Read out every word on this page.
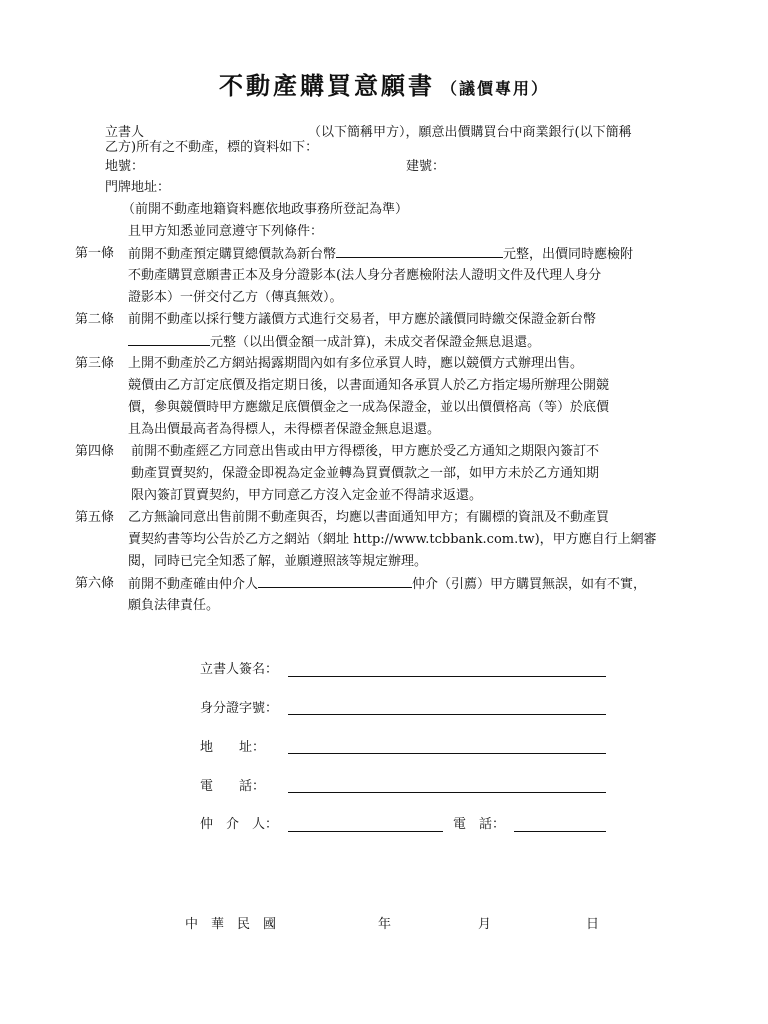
不動產購買意願書 （議價專用）
立書人	（以下簡稱甲方），願意出價購買台中商業銀行(以下簡稱
乙方)所有之不動產，標的資料如下：
地號：	建號：
門牌地址：
（前開不動產地籍資料應依地政事務所登記為準）
且甲方知悉並同意遵守下列條件：
第一條 前開不動產預定購買總價款為新台幣	元整，出價同時應檢附
不動產購買意願書正本及身分證影本(法人身分者應檢附法人證明文件及代理人身分
證影本）一併交付乙方（傳真無效）。
第二條 前開不動產以採行雙方議價方式進行交易者，甲方應於議價同時繳交保證金新台幣
元整（以出價金額一成計算)，未成交者保證金無息退還。
第三條 上開不動產於乙方網站揭露期間內如有多位承買人時，應以競價方式辦理出售。
競價由乙方訂定底價及指定期日後，以書面通知各承買人於乙方指定場所辦理公開競
價，參與競價時甲方應繳足底價價金之一成為保證金，並以出價價格高（等）於底價
且為出價最高者為得標人，未得標者保證金無息退還。
第四條 前開不動產經乙方同意出售或由甲方得標後，甲方應於受乙方通知之期限內簽訂不
動產買賣契約，保證金即視為定金並轉為買賣價款之一部，如甲方未於乙方通知期
限內簽訂買賣契約，甲方同意乙方沒入定金並不得請求返還。
第五條 乙方無論同意出售前開不動產與否，均應以書面通知甲方；有關標的資訊及不動產買
賣契約書等均公告於乙方之網站（網址 http://www.tcbbank.com.tw)，甲方應自行上網審
閱，同時已完全知悉了解，並願遵照該等規定辦理。
第六條 前開不動產確由仲介人	仲介（引薦）甲方購買無誤，如有不實，
願負法律責任。
立書人簽名：
身分證字號：
地　　址：
電　　話：
仲　介　人：	電　話：
中　華　民　國	年	月	日
